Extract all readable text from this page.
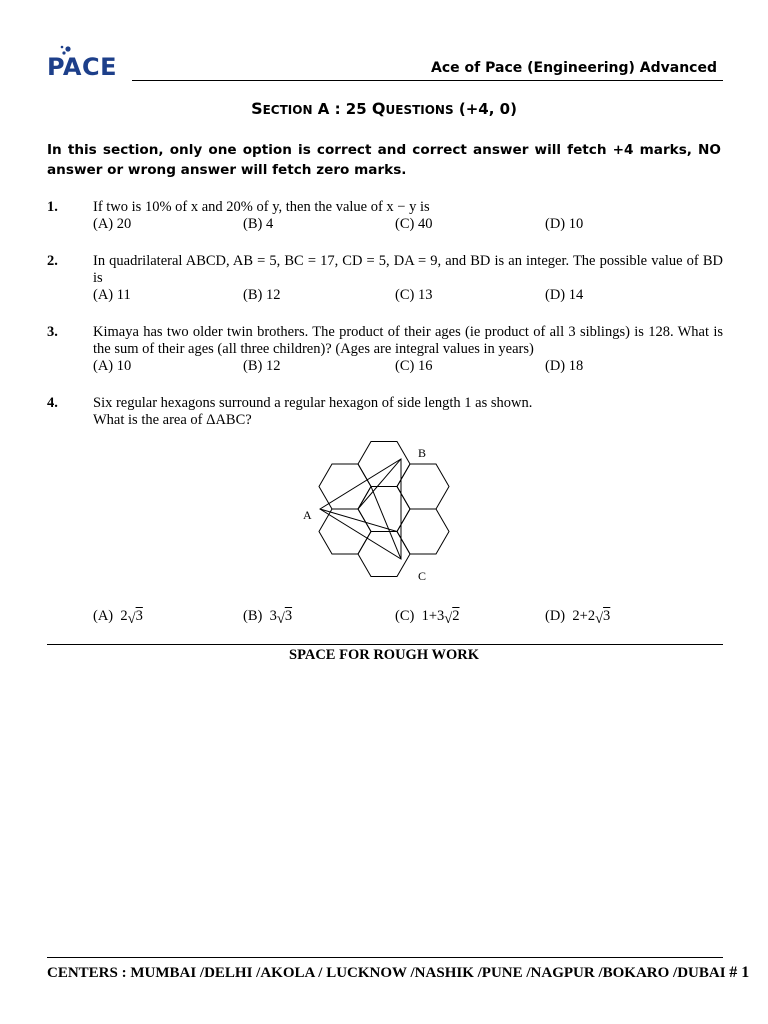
PACE	Ace of Pace (Engineering) Advanced
SECTION A : 25 QUESTIONS (+4, 0)
In this section, only one option is correct and correct answer will fetch +4 marks, NO answer or wrong answer will fetch zero marks.
1. If two is 10% of x and 20% of y, then the value of x − y is
(A) 20	(B) 4	(C) 40	(D) 10
2. In quadrilateral ABCD, AB = 5, BC = 17, CD = 5, DA = 9, and BD is an integer. The possible value of BD is
(A) 11	(B) 12	(C) 13	(D) 14
3. Kimaya has two older twin brothers. The product of their ages (ie product of all 3 siblings) is 128. What is the sum of their ages (all three children)? (Ages are integral values in years)
(A) 10	(B) 12	(C) 16	(D) 18
4. Six regular hexagons surround a regular hexagon of side length 1 as shown.
What is the area of ΔABC?
B
A
C
(A) 2√3	(B) 3√3	(C) 1+3√2	(D) 2+2√3
SPACE FOR ROUGH WORK
CENTERS : MUMBAI /DELHI /AKOLA / LUCKNOW /NASHIK /PUNE /NAGPUR /BOKARO /DUBAI # 1
